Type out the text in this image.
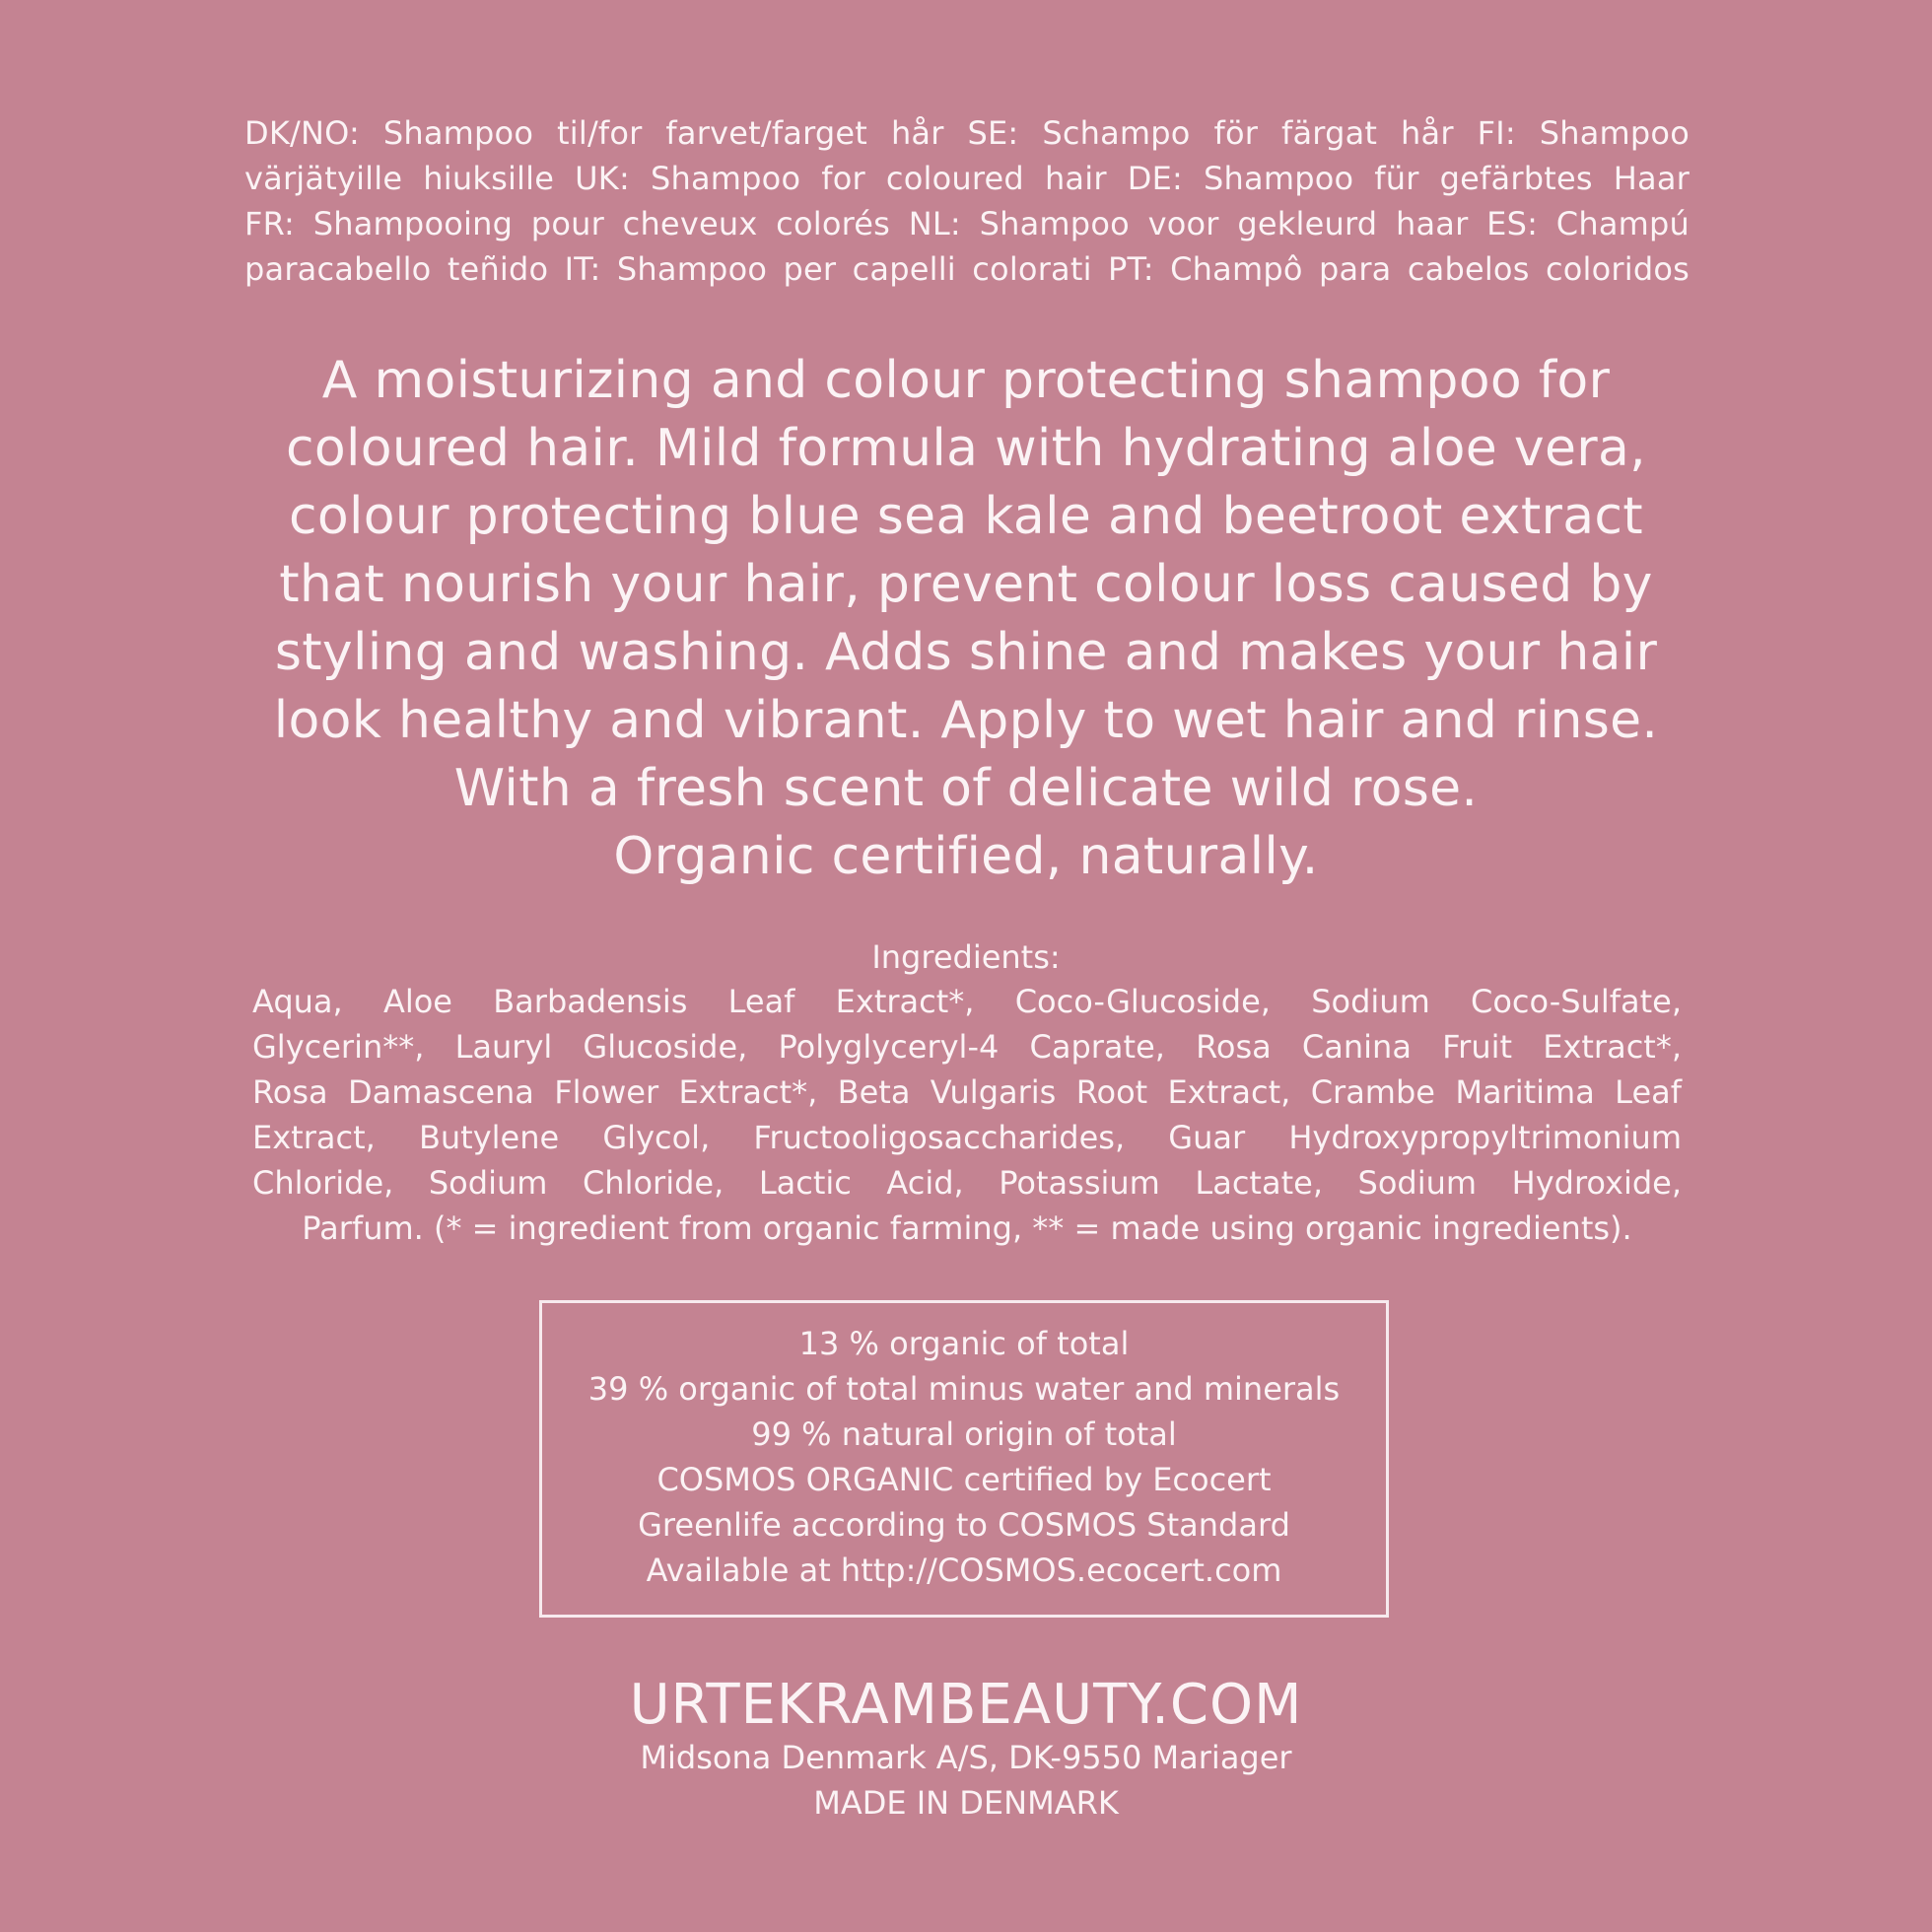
DK/NO: Shampoo til/for farvet/farget hår SE: Schampo för färgat hår FI: Shampoo
värjätyille hiuksille UK: Shampoo for coloured hair DE: Shampoo für gefärbtes Haar
FR: Shampooing pour cheveux colorés NL: Shampoo voor gekleurd haar ES: Champú
paracabello teñido IT: Shampoo per capelli colorati PT: Champô para cabelos coloridos
A moisturizing and colour protecting shampoo for
coloured hair. Mild formula with hydrating aloe vera,
colour protecting blue sea kale and beetroot extract
that nourish your hair, prevent colour loss caused by
styling and washing. Adds shine and makes your hair
look healthy and vibrant. Apply to wet hair and rinse.
With a fresh scent of delicate wild rose.
Organic certified, naturally.
Ingredients:
Aqua, Aloe Barbadensis Leaf Extract*, Coco-Glucoside, Sodium Coco-Sulfate,
Glycerin**, Lauryl Glucoside, Polyglyceryl-4 Caprate, Rosa Canina Fruit Extract*,
Rosa Damascena Flower Extract*, Beta Vulgaris Root Extract, Crambe Maritima Leaf
Extract, Butylene Glycol, Fructooligosaccharides, Guar Hydroxypropyltrimonium
Chloride, Sodium Chloride, Lactic Acid, Potassium Lactate, Sodium Hydroxide,
Parfum. (* = ingredient from organic farming, ** = made using organic ingredients).
13 % organic of total
39 % organic of total minus water and minerals
99 % natural origin of total
COSMOS ORGANIC certified by Ecocert
Greenlife according to COSMOS Standard
Available at http://COSMOS.ecocert.com
URTEKRAMBEAUTY.COM
Midsona Denmark A/S, DK-9550 Mariager
MADE IN DENMARK
